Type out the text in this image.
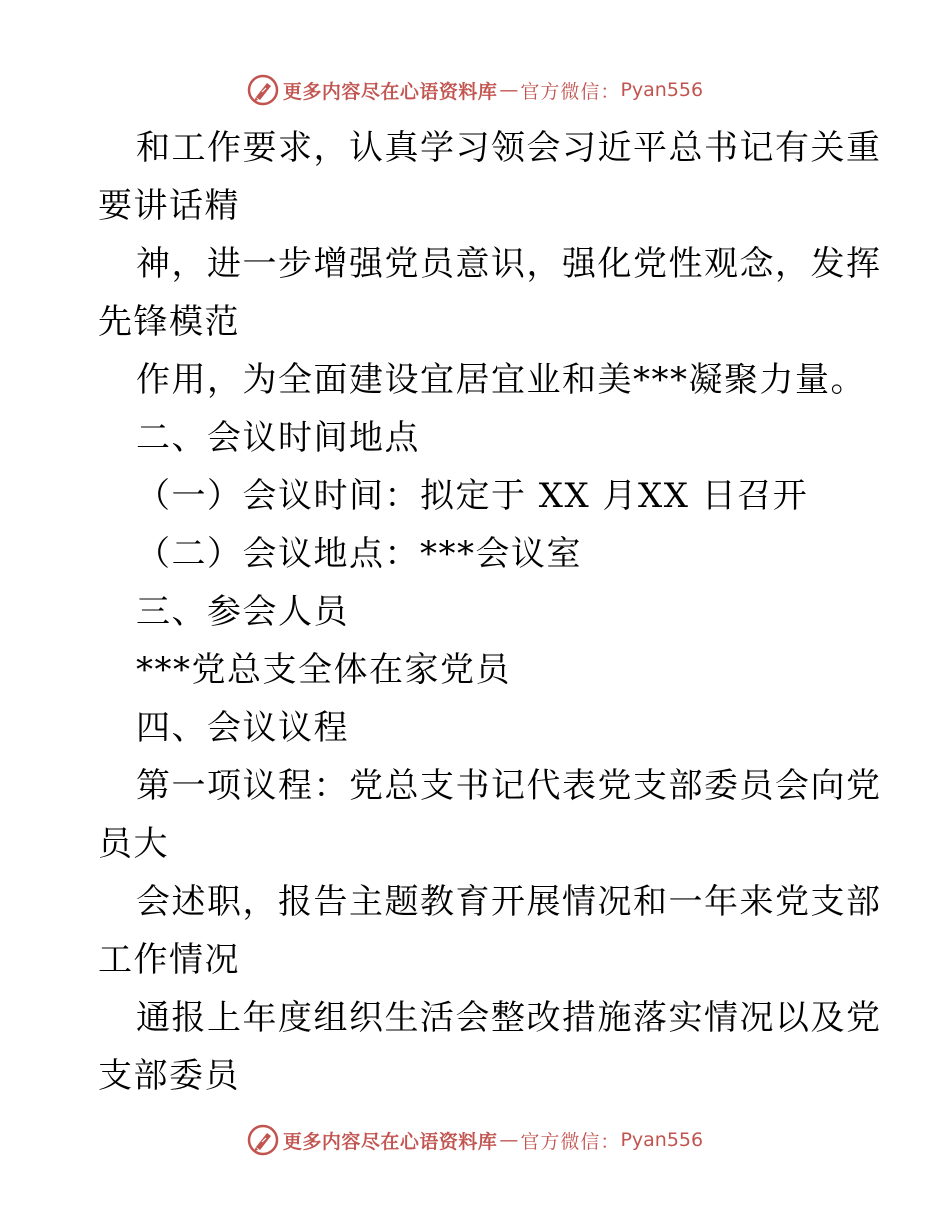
更多内容尽在心语资料库 — 官方微信： Pyan556
和工作要求，认真学习领会习近平总书记有关重
要讲话精
神，进一步增强党员意识，强化党性观念，发挥
先锋模范
作用，为全面建设宜居宜业和美***凝聚力量。
二、会议时间地点
（一）会议时间：拟定于 XX 月XX 日召开
（二）会议地点：***会议室
三、参会人员
***党总支全体在家党员
四、会议议程
第一项议程：党总支书记代表党支部委员会向党
员大
会述职，报告主题教育开展情况和一年来党支部
工作情况
通报上年度组织生活会整改措施落实情况以及党
支部委员
更多内容尽在心语资料库 — 官方微信： Pyan556
